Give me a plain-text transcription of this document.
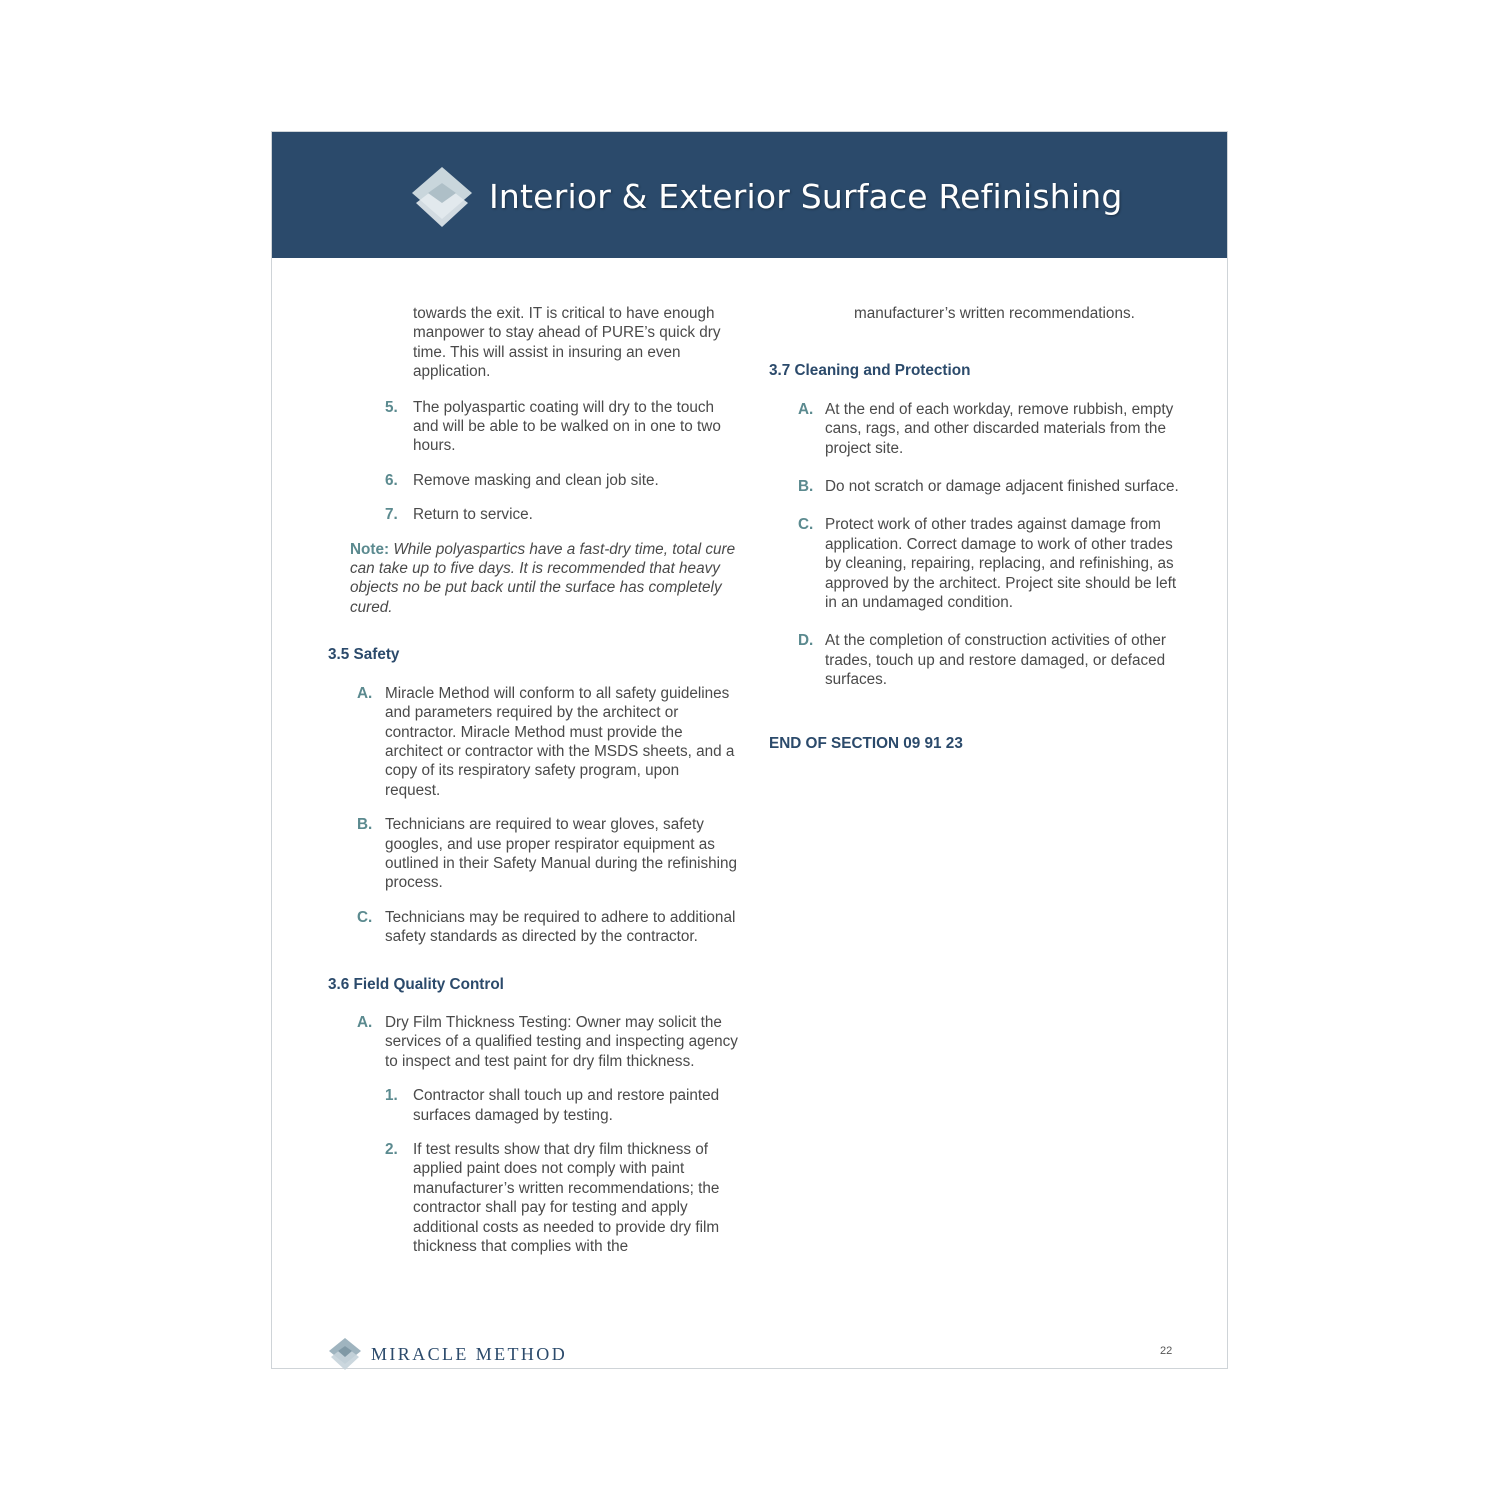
Interior & Exterior Surface Refinishing

towards the exit. IT is critical to have enough manpower to stay ahead of PURE’s quick dry time. This will assist in insuring an even application.

5. The polyaspartic coating will dry to the touch and will be able to be walked on in one to two hours.
6. Remove masking and clean job site.
7. Return to service.

Note: While polyaspartics have a fast-dry time, total cure can take up to five days. It is recommended that heavy objects no be put back until the surface has completely cured.

3.5 Safety
A. Miracle Method will conform to all safety guidelines and parameters required by the architect or contractor. Miracle Method must provide the architect or contractor with the MSDS sheets, and a copy of its respiratory safety program, upon request.
B. Technicians are required to wear gloves, safety googles, and use proper respirator equipment as outlined in their Safety Manual during the refinishing process.
C. Technicians may be required to adhere to additional safety standards as directed by the contractor.
3.6 Field Quality Control
A. Dry Film Thickness Testing: Owner may solicit the services of a qualified testing and inspecting agency to inspect and test paint for dry film thickness.
1. Contractor shall touch up and restore painted surfaces damaged by testing.
2. If test results show that dry film thickness of applied paint does not comply with paint manufacturer’s written recommendations; the contractor shall pay for testing and apply additional costs as needed to provide dry film thickness that complies with the

manufacturer’s written recommendations.

3.7 Cleaning and Protection
A. At the end of each workday, remove rubbish, empty cans, rags, and other discarded materials from the project site.
B. Do not scratch or damage adjacent finished surface.
C. Protect work of other trades against damage from application. Correct damage to work of other trades by cleaning, repairing, replacing, and refinishing, as approved by the architect. Project site should be left in an undamaged condition.
D. At the completion of construction activities of other trades, touch up and restore damaged, or defaced surfaces.
END OF SECTION 09 91 23
MIRACLE METHOD	22
